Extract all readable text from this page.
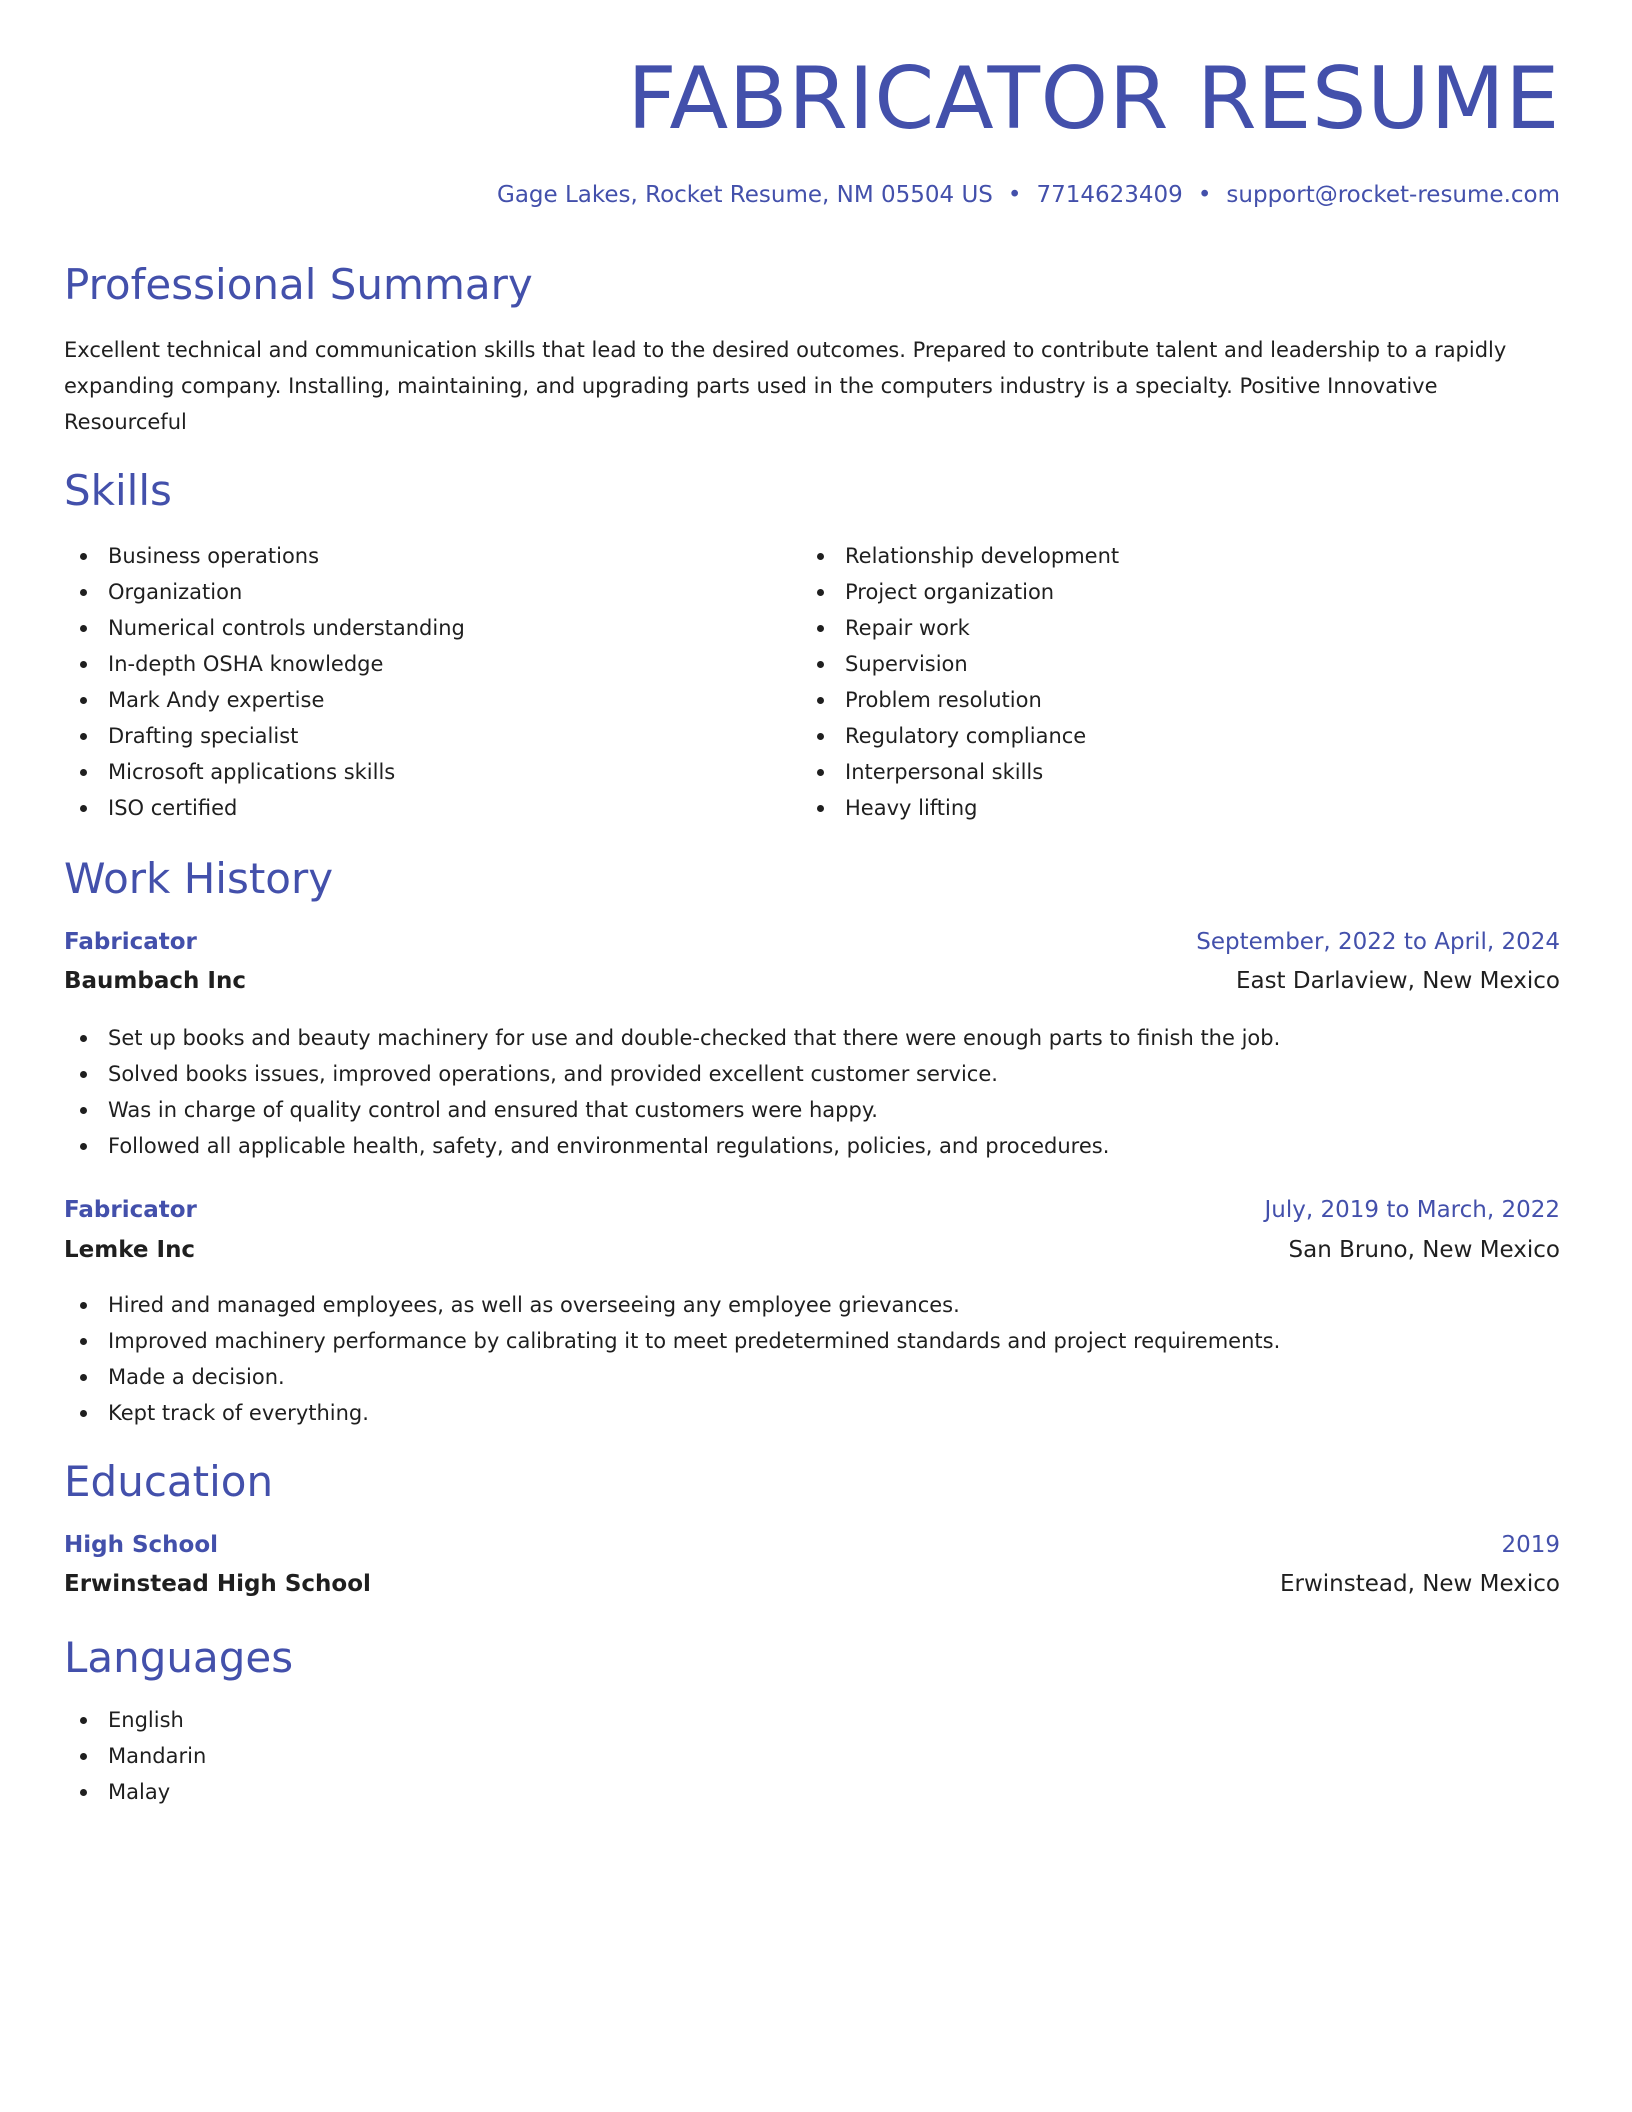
FABRICATOR RESUME

Gage Lakes, Rocket Resume, NM 05504 US • 7714623409 • support@rocket-resume.com

Professional Summary

Excellent technical and communication skills that lead to the desired outcomes. Prepared to contribute talent and leadership to a rapidly expanding company. Installing, maintaining, and upgrading parts used in the computers industry is a specialty. Positive Innovative Resourceful

Skills
Business operations
Organization
Numerical controls understanding
In-depth OSHA knowledge
Mark Andy expertise
Drafting specialist
Microsoft applications skills
ISO certified
Relationship development
Project organization
Repair work
Supervision
Problem resolution
Regulatory compliance
Interpersonal skills
Heavy lifting
Work History

Fabricator	September, 2022 to April, 2024

Baumbach Inc	East Darlaview, New Mexico

Set up books and beauty machinery for use and double-checked that there were enough parts to finish the job.
Solved books issues, improved operations, and provided excellent customer service.
Was in charge of quality control and ensured that customers were happy.
Followed all applicable health, safety, and environmental regulations, policies, and procedures.

Fabricator	July, 2019 to March, 2022

Lemke Inc	San Bruno, New Mexico

Hired and managed employees, as well as overseeing any employee grievances.
Improved machinery performance by calibrating it to meet predetermined standards and project requirements.
Made a decision.
Kept track of everything.
Education

High School	2019

Erwinstead High School	Erwinstead, New Mexico

Languages
English
Mandarin
Malay
